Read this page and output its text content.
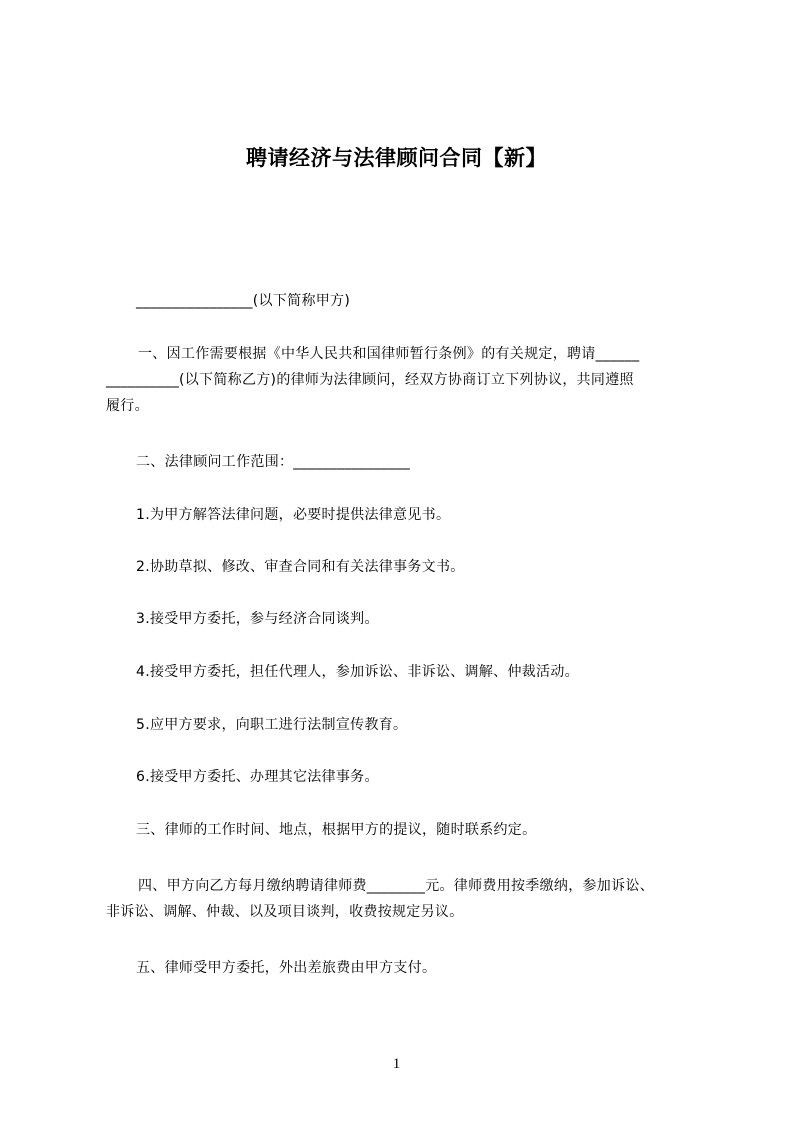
聘请经济与法律顾问合同【新】
________________(以下简称甲方)
一、因工作需要根据《中华人民共和国律师暂行条例》的有关规定，聘请______
__________(以下简称乙方)的律师为法律顾问，经双方协商订立下列协议，共同遵照
履行。
二、法律顾问工作范围：________________
1.为甲方解答法律问题，必要时提供法律意见书。
2.协助草拟、修改、审查合同和有关法律事务文书。
3.接受甲方委托，参与经济合同谈判。
4.接受甲方委托，担任代理人，参加诉讼、非诉讼、调解、仲裁活动。
5.应甲方要求，向职工进行法制宣传教育。
6.接受甲方委托、办理其它法律事务。
三、律师的工作时间、地点，根据甲方的提议，随时联系约定。
四、甲方向乙方每月缴纳聘请律师费________元。律师费用按季缴纳，参加诉讼、
非诉讼、调解、仲裁、以及项目谈判，收费按规定另议。
五、律师受甲方委托，外出差旅费由甲方支付。
1
